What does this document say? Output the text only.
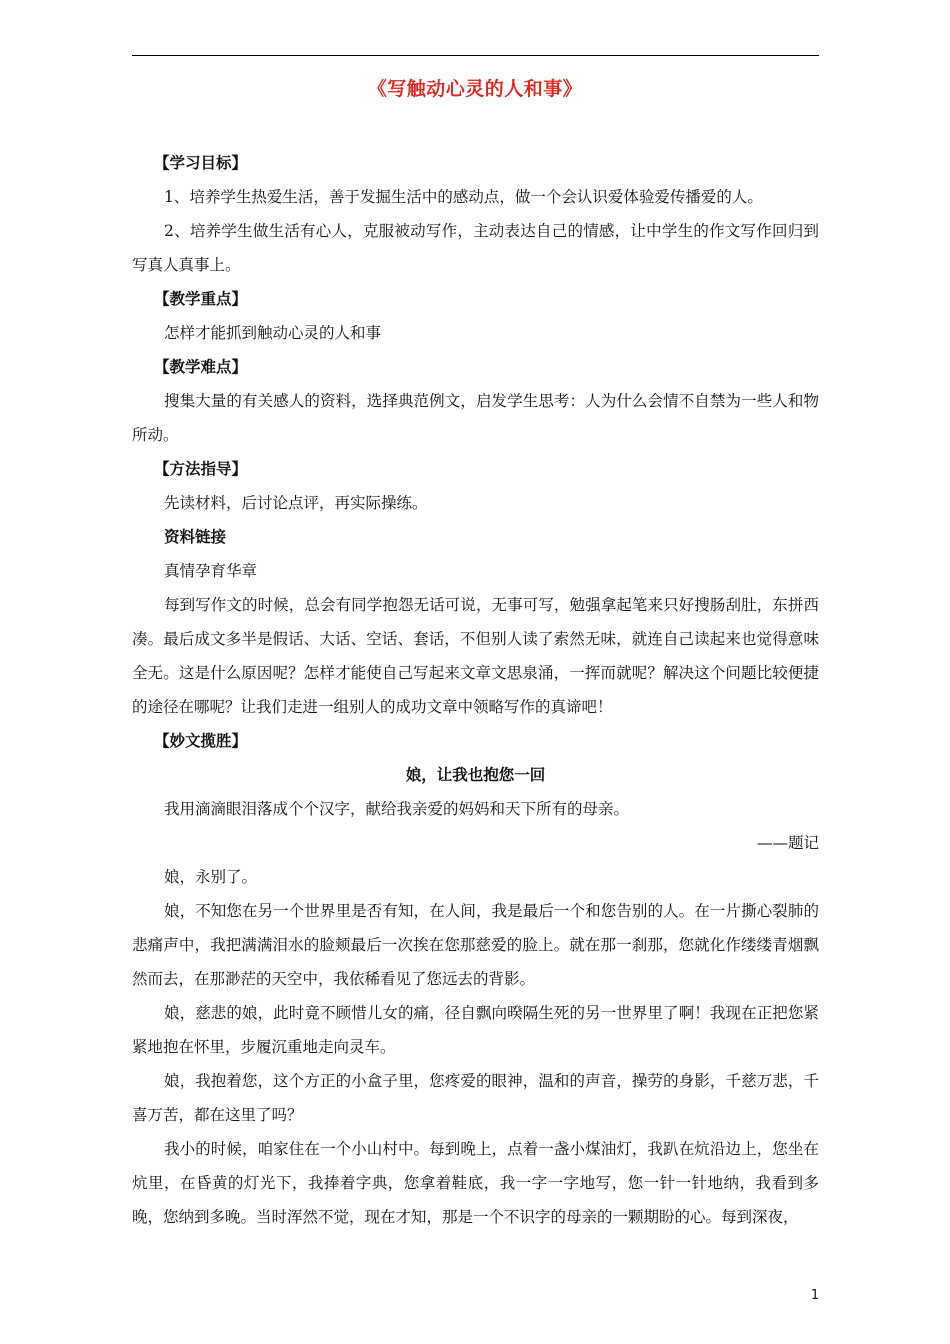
《写触动心灵的人和事》

【学习目标】

1、培养学生热爱生活，善于发掘生活中的感动点，做一个会认识爱体验爱传播爱的人。

2、培养学生做生活有心人，克服被动写作，主动表达自己的情感，让中学生的作文写作回归到写真人真事上。

【教学重点】

怎样才能抓到触动心灵的人和事

【教学难点】

搜集大量的有关感人的资料，选择典范例文，启发学生思考：人为什么会情不自禁为一些人和物所动。

【方法指导】

先读材料，后讨论点评，再实际操练。

资料链接

真情孕育华章

每到写作文的时候，总会有同学抱怨无话可说，无事可写，勉强拿起笔来只好搜肠刮肚，东拼西凑。最后成文多半是假话、大话、空话、套话，不但别人读了索然无味，就连自己读起来也觉得意味全无。这是什么原因呢？怎样才能使自己写起来文章文思泉涌，一挥而就呢？解决这个问题比较便捷的途径在哪呢？让我们走进一组别人的成功文章中领略写作的真谛吧！

【妙文揽胜】

娘，让我也抱您一回

我用滴滴眼泪落成个个汉字，献给我亲爱的妈妈和天下所有的母亲。

——题记

娘，永别了。

娘，不知您在另一个世界里是否有知，在人间，我是最后一个和您告别的人。在一片撕心裂肺的悲痛声中，我把满满泪水的脸颊最后一次挨在您那慈爱的脸上。就在那一刹那，您就化作缕缕青烟飘然而去，在那渺茫的天空中，我依稀看见了您远去的背影。

娘，慈悲的娘，此时竟不顾惜儿女的痛，径自飘向暌隔生死的另一世界里了啊！我现在正把您紧紧地抱在怀里，步履沉重地走向灵车。

娘，我抱着您，这个方正的小盒子里，您疼爱的眼神，温和的声音，操劳的身影，千慈万悲，千喜万苦，都在这里了吗？

我小的时候，咱家住在一个小山村中。每到晚上，点着一盏小煤油灯，我趴在炕沿边上，您坐在炕里，在昏黄的灯光下，我捧着字典，您拿着鞋底，我一字一字地写，您一针一针地纳，我看到多晚，您纳到多晚。当时浑然不觉，现在才知，那是一个不识字的母亲的一颗期盼的心。每到深夜，

1
